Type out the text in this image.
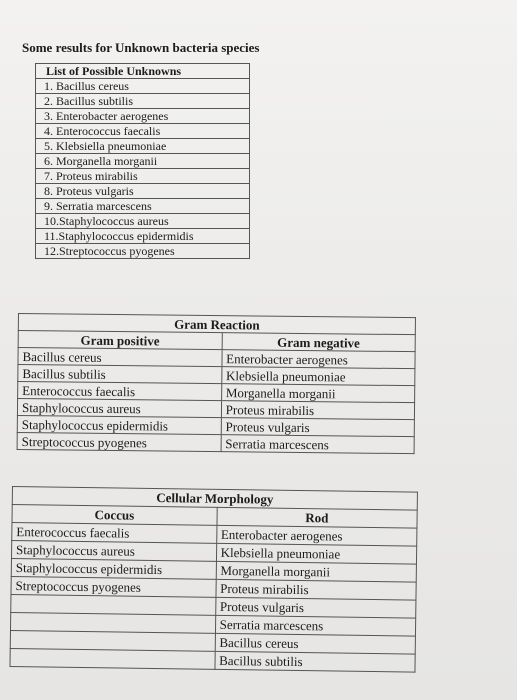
Some results for Unknown bacteria species
List of Possible Unknowns
1. Bacillus cereus
2. Bacillus subtilis
3. Enterobacter aerogenes
4. Enterococcus faecalis
5. Klebsiella pneumoniae
6. Morganella morganii
7. Proteus mirabilis
8. Proteus vulgaris
9. Serratia marcescens
10.Staphylococcus aureus
11.Staphylococcus epidermidis
12.Streptococcus pyogenes
Gram Reaction	
Gram positive	Gram negative
Bacillus cereus	Enterobacter aerogenes
Bacillus subtilis	Klebsiella pneumoniae
Enterococcus faecalis	Morganella morganii
Staphylococcus aureus	Proteus mirabilis
Staphylococcus epidermidis	Proteus vulgaris
Streptococcus pyogenes	Serratia marcescens
Cellular Morphology	
Coccus	Rod
Enterococcus faecalis	Enterobacter aerogenes
Staphylococcus aureus	Klebsiella pneumoniae
Staphylococcus epidermidis	Morganella morganii
Streptococcus pyogenes	Proteus mirabilis
	Proteus vulgaris
	Serratia marcescens
	Bacillus cereus
	Bacillus subtilis
